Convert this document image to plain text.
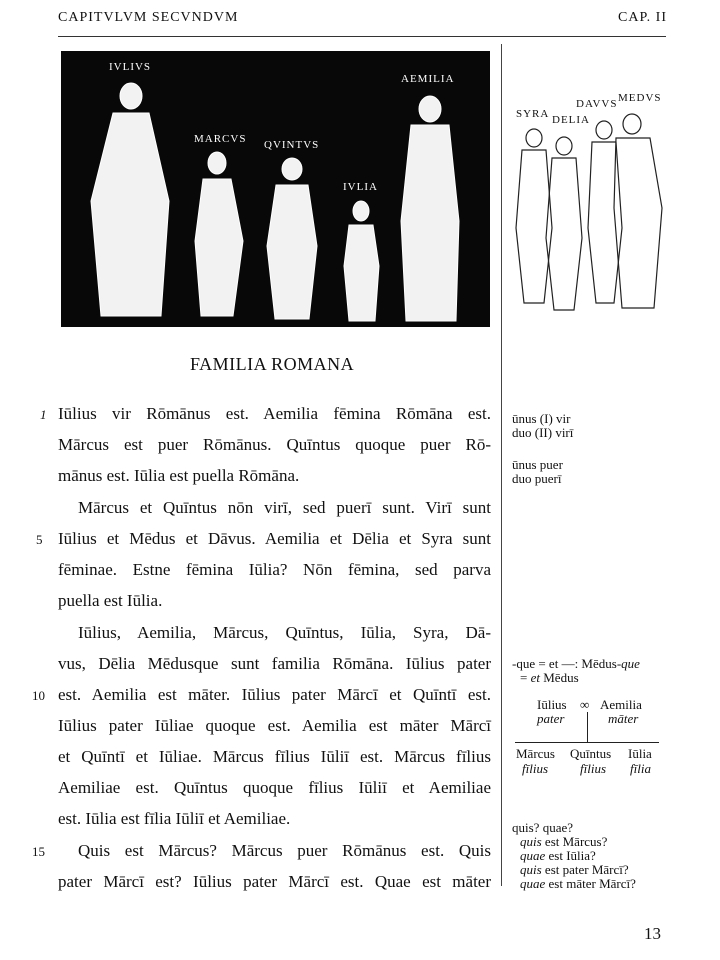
CAPITVLVM SECVNDVM	CAP. II
IVLIVS
MARCVS QVINTVS
IVLIA
AEMILIA
SYRA
DAVVS
DELIA
MEDVS
FAMILIA ROMANA
1
5
10
15
Iūlius vir Rōmānus est. Aemilia fēmina Rōmāna est.
Mārcus est puer Rōmānus. Quīntus quoque puer Rō-
mānus est. Iūlia est puella Rōmāna.
Mārcus et Quīntus nōn virī, sed puerī sunt. Virī sunt
Iūlius et Mēdus et Dāvus. Aemilia et Dēlia et Syra sunt
fēminae. Estne fēmina Iūlia? Nōn fēmina, sed parva
puella est Iūlia.
Iūlius, Aemilia, Mārcus, Quīntus, Iūlia, Syra, Dā-
vus, Dēlia Mēdusque sunt familia Rōmāna. Iūlius pater
est. Aemilia est māter. Iūlius pater Mārcī et Quīntī est.
Iūlius pater Iūliae quoque est. Aemilia est māter Mārcī
et Quīntī et Iūliae. Mārcus fīlius Iūliī est. Mārcus fīlius
Aemiliae est. Quīntus quoque fīlius Iūliī et Aemiliae
est. Iūlia est fīlia Iūliī et Aemiliae.
Quis est Mārcus? Mārcus puer Rōmānus est. Quis
pater Mārcī est? Iūlius pater Mārcī est. Quae est māter
ūnus (I) vir
duo (II) virī
ūnus puer
duo puerī
-que = et —: Mēdus-que
= et Mēdus
Iūlius ∞ Aemilia
pater	māter
Mārcus Quīntus Iūlia
fīlius fīlius fīlia
quis? quae?
quis est Mārcus?
quae est Iūlia?
quis est pater Mārcī?
quae est māter Mārcī?
13
